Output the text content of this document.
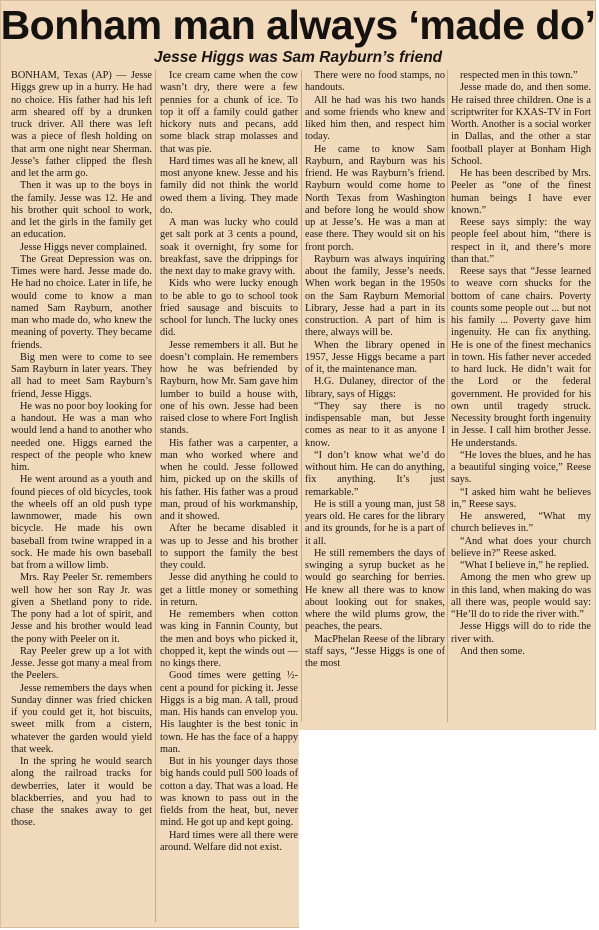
Bonham man always ‘made do’
Jesse Higgs was Sam Rayburn’s friend

BONHAM, Texas (AP) — Jesse Higgs grew up in a hurry. He had no choice. His father had his left arm sheared off by a drunken truck driver. All there was left was a piece of flesh holding on that arm one night near Sherman. Jesse’s father clipped the flesh and let the arm go.

Then it was up to the boys in the family. Jesse was 12. He and his brother quit school to work, and let the girls in the family get an education.

Jesse Higgs never complained.

The Great Depression was on. Times were hard. Jesse made do. He had no choice. Later in life, he would come to know a man named Sam Rayburn, another man who made do, who knew the meaning of poverty. They became friends.

Big men were to come to see Sam Rayburn in later years. They all had to meet Sam Rayburn’s friend, Jesse Higgs.

He was no poor boy looking for a handout. He was a man who would lend a hand to another who needed one. Higgs earned the respect of the people who knew him.

He went around as a youth and found pieces of old bicycles, took the wheels off an old push type lawnmower, made his own bicycle. He made his own baseball from twine wrapped in a sock. He made his own baseball bat from a willow limb.

Mrs. Ray Peeler Sr. remembers well how her son Ray Jr. was given a Shetland pony to ride. The pony had a lot of spirit, and Jesse and his brother would lead the pony with Peeler on it.

Ray Peeler grew up a lot with Jesse. Jesse got many a meal from the Peelers.

Jesse remembers the days when Sunday dinner was fried chicken if you could get it, hot biscuits, sweet milk from a cistern, whatever the garden would yield that week.

In the spring he would search along the railroad tracks for dewberries, later it would be blackberries, and you had to chase the snakes away to get those.

Ice cream came when the cow wasn’t dry, there were a few pennies for a chunk of ice. To top it off a family could gather hickory nuts and pecans, add some black strap molasses and that was pie.

Hard times was all he knew, all most anyone knew. Jesse and his family did not think the world owed them a living. They made do.

A man was lucky who could get salt pork at 3 cents a pound, soak it overnight, fry some for breakfast, save the drippings for the next day to make gravy with.

Kids who were lucky enough to be able to go to school took fried sausage and biscuits to school for lunch. The lucky ones did.

Jesse remembers it all. But he doesn’t complain. He remembers how he was befriended by Rayburn, how Mr. Sam gave him lumber to build a house with, one of his own. Jesse had been raised close to where Fort Inglish stands.

His father was a carpenter, a man who worked where and when he could. Jesse followed him, picked up on the skills of his father. His father was a proud man, proud of his workmanship, and it showed.

After he became disabled it was up to Jesse and his brother to support the family the best they could.

Jesse did anything he could to get a little money or something in return.

He remembers when cotton was king in Fannin County, but the men and boys who picked it, chopped it, kept the winds out — no kings there.

Good times were getting ½-cent a pound for picking it. Jesse Higgs is a big man. A tall, proud man. His hands can envelop you. His laughter is the best tonic in town. He has the face of a happy man.

But in his younger days those big hands could pull 500 loads of cotton a day. That was a load. He was known to pass out in the fields from the heat, but, never mind. He got up and kept going.

Hard times were all there were around. Welfare did not exist.

There were no food stamps, no handouts.

All he had was his two hands and some friends who knew and liked him then, and respect him today.

He came to know Sam Rayburn, and Rayburn was his friend. He was Rayburn’s friend. Rayburn would come home to North Texas from Washington and before long he would show up at Jesse’s. He was a man at ease there. They would sit on his front porch.

Rayburn was always inquiring about the family, Jesse’s needs. When work began in the 1950s on the Sam Rayburn Memorial Library, Jesse had a part in its construction. A part of him is there, always will be.

When the library opened in 1957, Jesse Higgs became a part of it, the maintenance man.

H.G. Dulaney, director of the library, says of Higgs:

“They say there is no indispensable man, but Jesse comes as near to it as anyone I know.

“I don’t know what we’d do without him. He can do anything, fix anything. It’s just remarkable.”

He is still a young man, just 58 years old. He cares for the library and its grounds, for he is a part of it all.

He still remembers the days of swinging a syrup bucket as he would go searching for berries. He knew all there was to know about looking out for snakes, where the wild plums grow, the peaches, the pears.

MacPhelan Reese of the library staff says, “Jesse Higgs is one of the most

respected men in this town.”

Jesse made do, and then some. He raised three children. One is a scriptwriter for KXAS-TV in Fort Worth. Another is a social worker in Dallas, and the other a star football player at Bonham High School.

He has been described by Mrs. Peeler as “one of the finest human beings I have ever known.”

Reese says simply: the way people feel about him, “there is respect in it, and there’s more than that.”

Reese says that “Jesse learned to weave corn shucks for the bottom of cane chairs. Poverty counts some people out ... but not his family ... Poverty gave him ingenuity. He can fix anything. He is one of the finest mechanics in town. His father never acceded to hard luck. He didn’t wait for the Lord or the federal government. He provided for his own until tragedy struck. Necessity brought forth ingenuity in Jesse. I call him brother Jesse. He understands.

“He loves the blues, and he has a beautiful singing voice,” Reese says.

“I asked him waht he believes in,” Reese says.

He answered, “What my church believes in.”

“And what does your church believe in?” Reese asked.

“What I believe in,” he replied.

Among the men who grew up in this land, when making do was all there was, people would say: “He’ll do to ride the river with.”

Jesse Higgs will do to ride the river with.

And then some.
